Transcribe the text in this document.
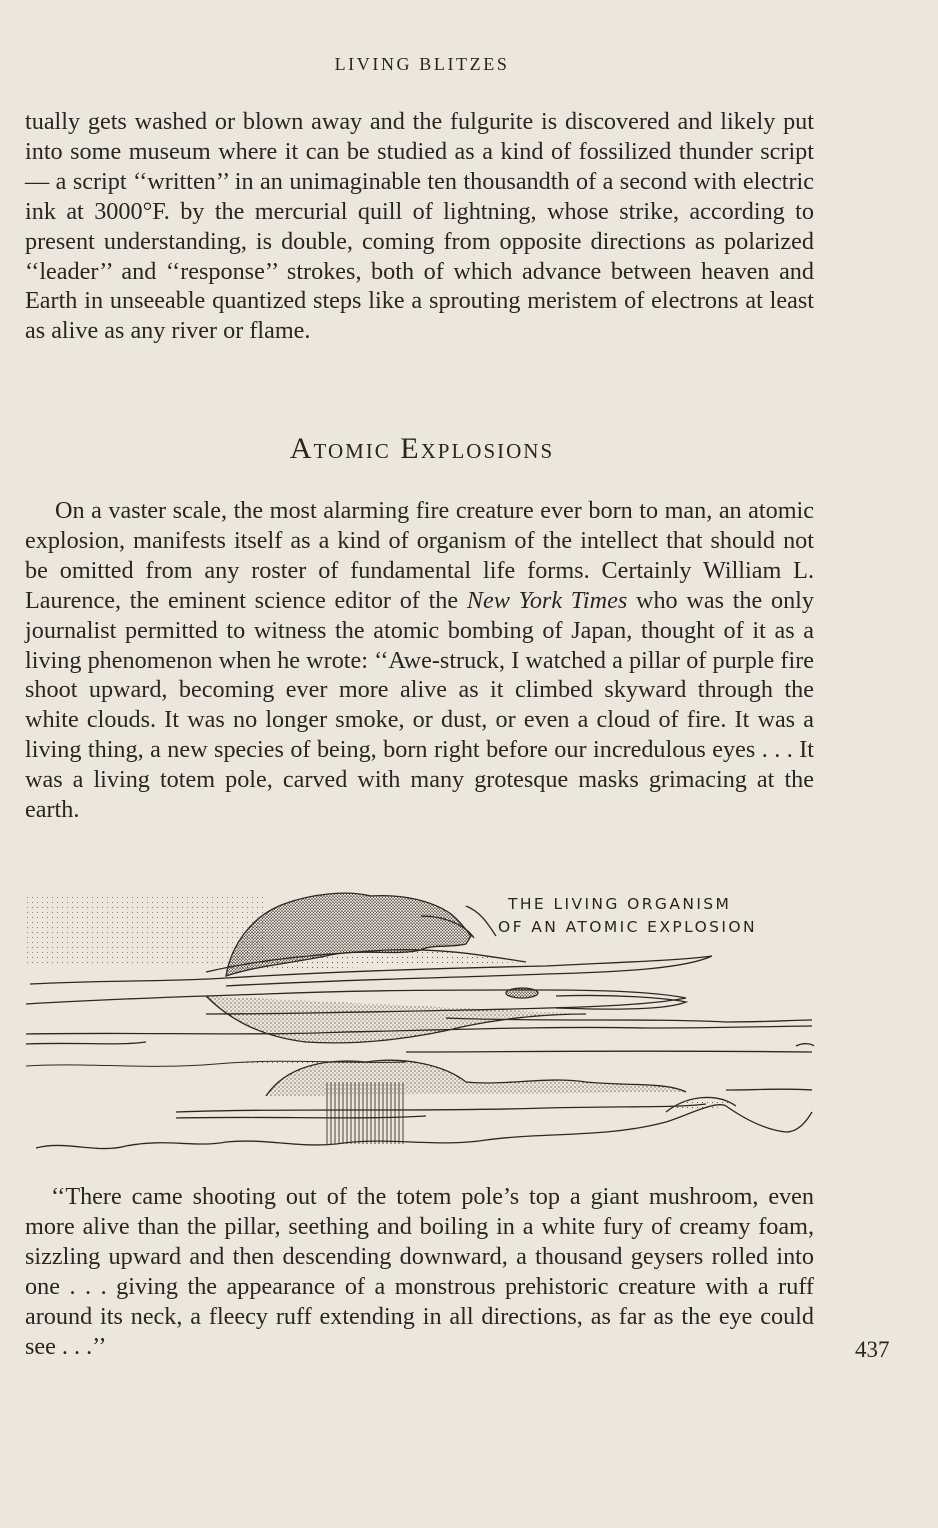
LIVING BLITZES

tually gets washed or blown away and the fulgurite is discovered and likely put into some museum where it can be studied as a kind of fossilized thunder script — a script ‘‘written’’ in an unimaginable ten thousandth of a second with electric ink at 3000°F. by the mercurial quill of lightning, whose strike, according to present understanding, is double, coming from opposite directions as polarized ‘‘leader’’ and ‘‘response’’ strokes, both of which advance between heaven and Earth in unseeable quantized steps like a sprouting meristem of electrons at least as alive as any river or flame.

Atomic Explosions

On a vaster scale, the most alarming fire creature ever born to man, an atomic explosion, manifests itself as a kind of organism of the intellect that should not be omitted from any roster of fundamental life forms. Certainly William L. Laurence, the eminent science editor of the New York Times who was the only journalist permitted to witness the atomic bombing of Japan, thought of it as a living phenomenon when he wrote: ‘‘Awe-struck, I watched a pillar of purple fire shoot upward, becoming ever more alive as it climbed skyward through the white clouds. It was no longer smoke, or dust, or even a cloud of fire. It was a living thing, a new species of being, born right before our incredulous eyes . . . It was a living totem pole, carved with many grotesque masks grimacing at the earth.

THE LIVING ORGANISM
OF AN ATOMIC EXPLOSION

‘‘There came shooting out of the totem pole’s top a giant mushroom, even more alive than the pillar, seething and boiling in a white fury of creamy foam, sizzling upward and then descending downward, a thousand geysers rolled into one . . . giving the appearance of a monstrous prehistoric creature with a ruff around its neck, a fleecy ruff extending in all directions, as far as the eye could see . . .’’	437
